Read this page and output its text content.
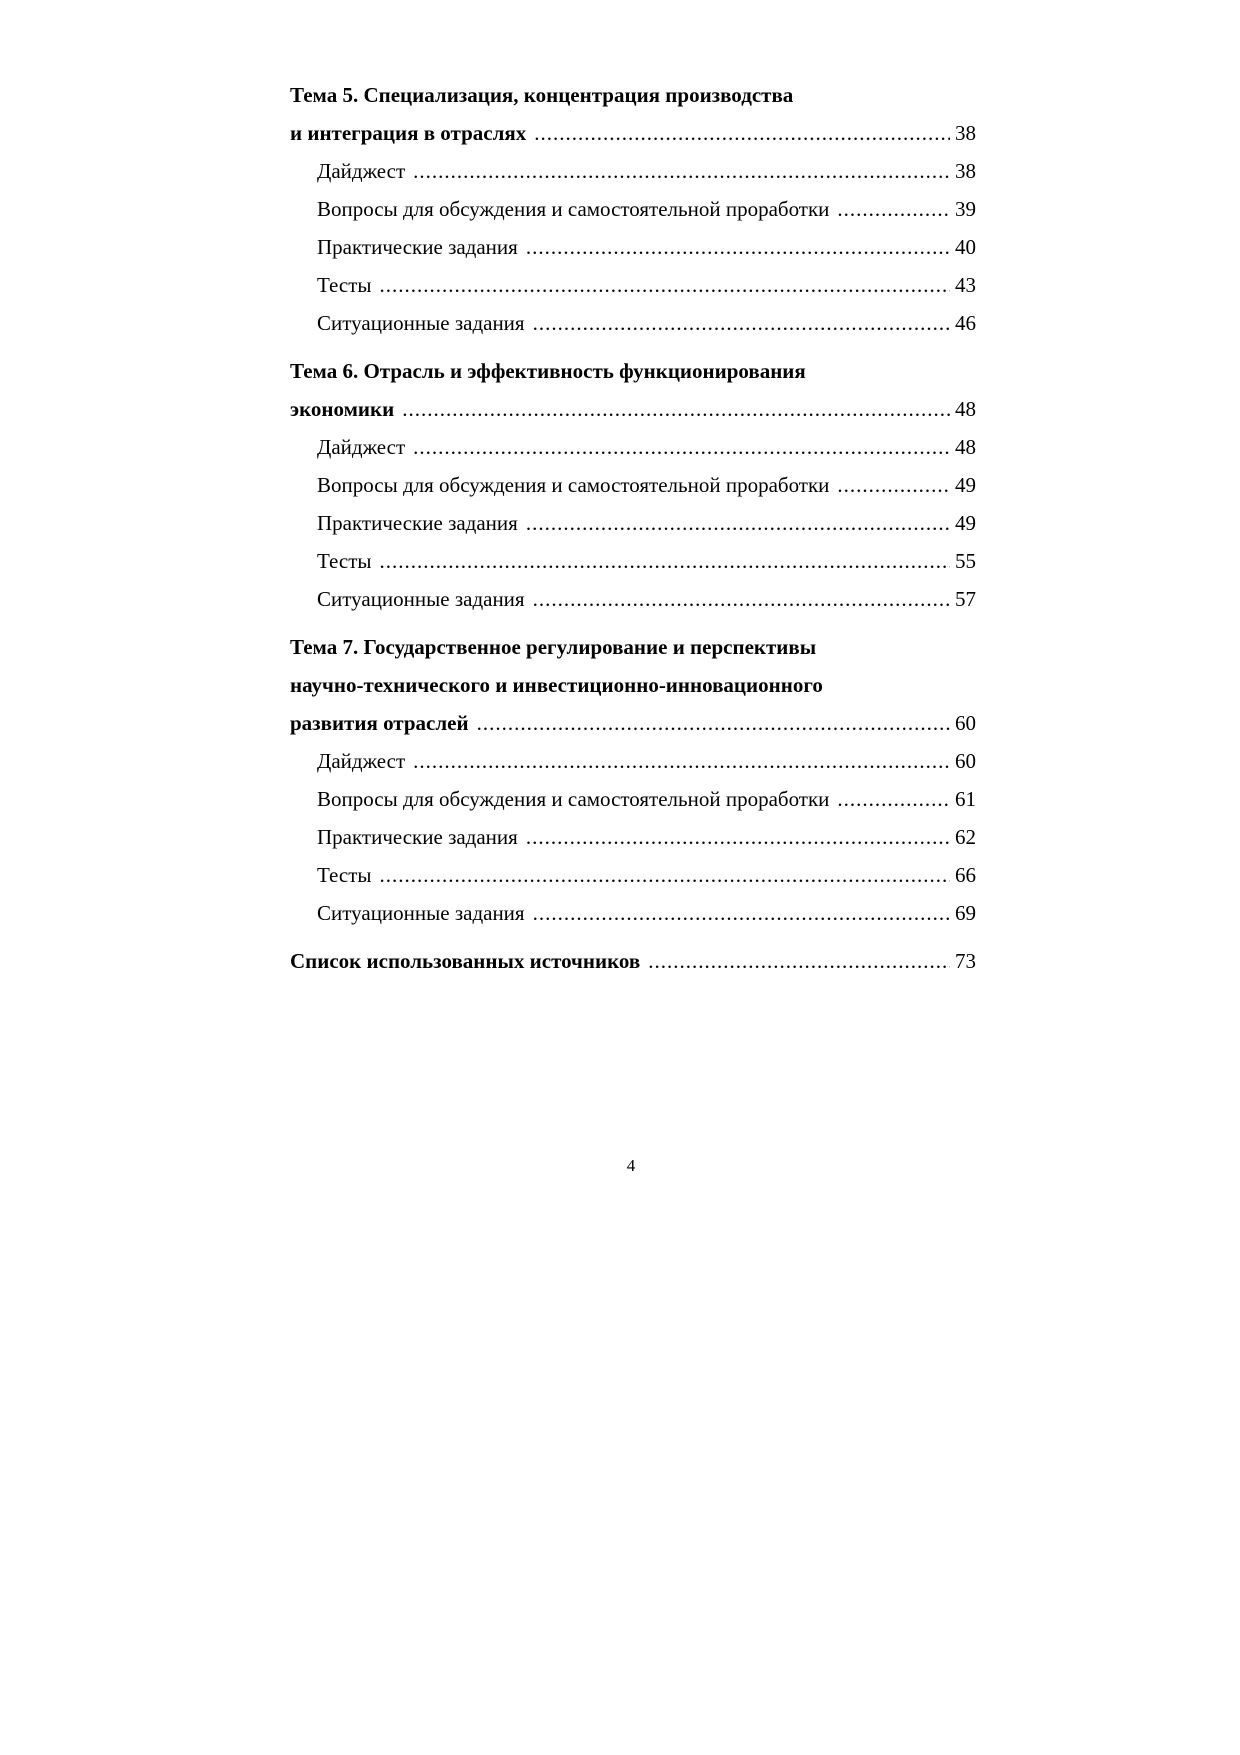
Тема 5. Специализация, концентрация производства
и интеграция в отраслях .....	38
Дайджест .....	38
Вопросы для обсуждения и самостоятельной проработки .....	39
Практические задания .....	40
Тесты .....	43
Ситуационные задания .....	46
Тема 6. Отрасль и эффективность функционирования
экономики .....	48
Дайджест .....	48
Вопросы для обсуждения и самостоятельной проработки .....	49
Практические задания .....	49
Тесты .....	55
Ситуационные задания .....	57
Тема 7. Государственное регулирование и перспективы
научно-технического и инвестиционно-инновационного
развития отраслей .....	60
Дайджест .....	60
Вопросы для обсуждения и самостоятельной проработки .....	61
Практические задания .....	62
Тесты .....	66
Ситуационные задания .....	69
Список использованных источников .....	73
4
